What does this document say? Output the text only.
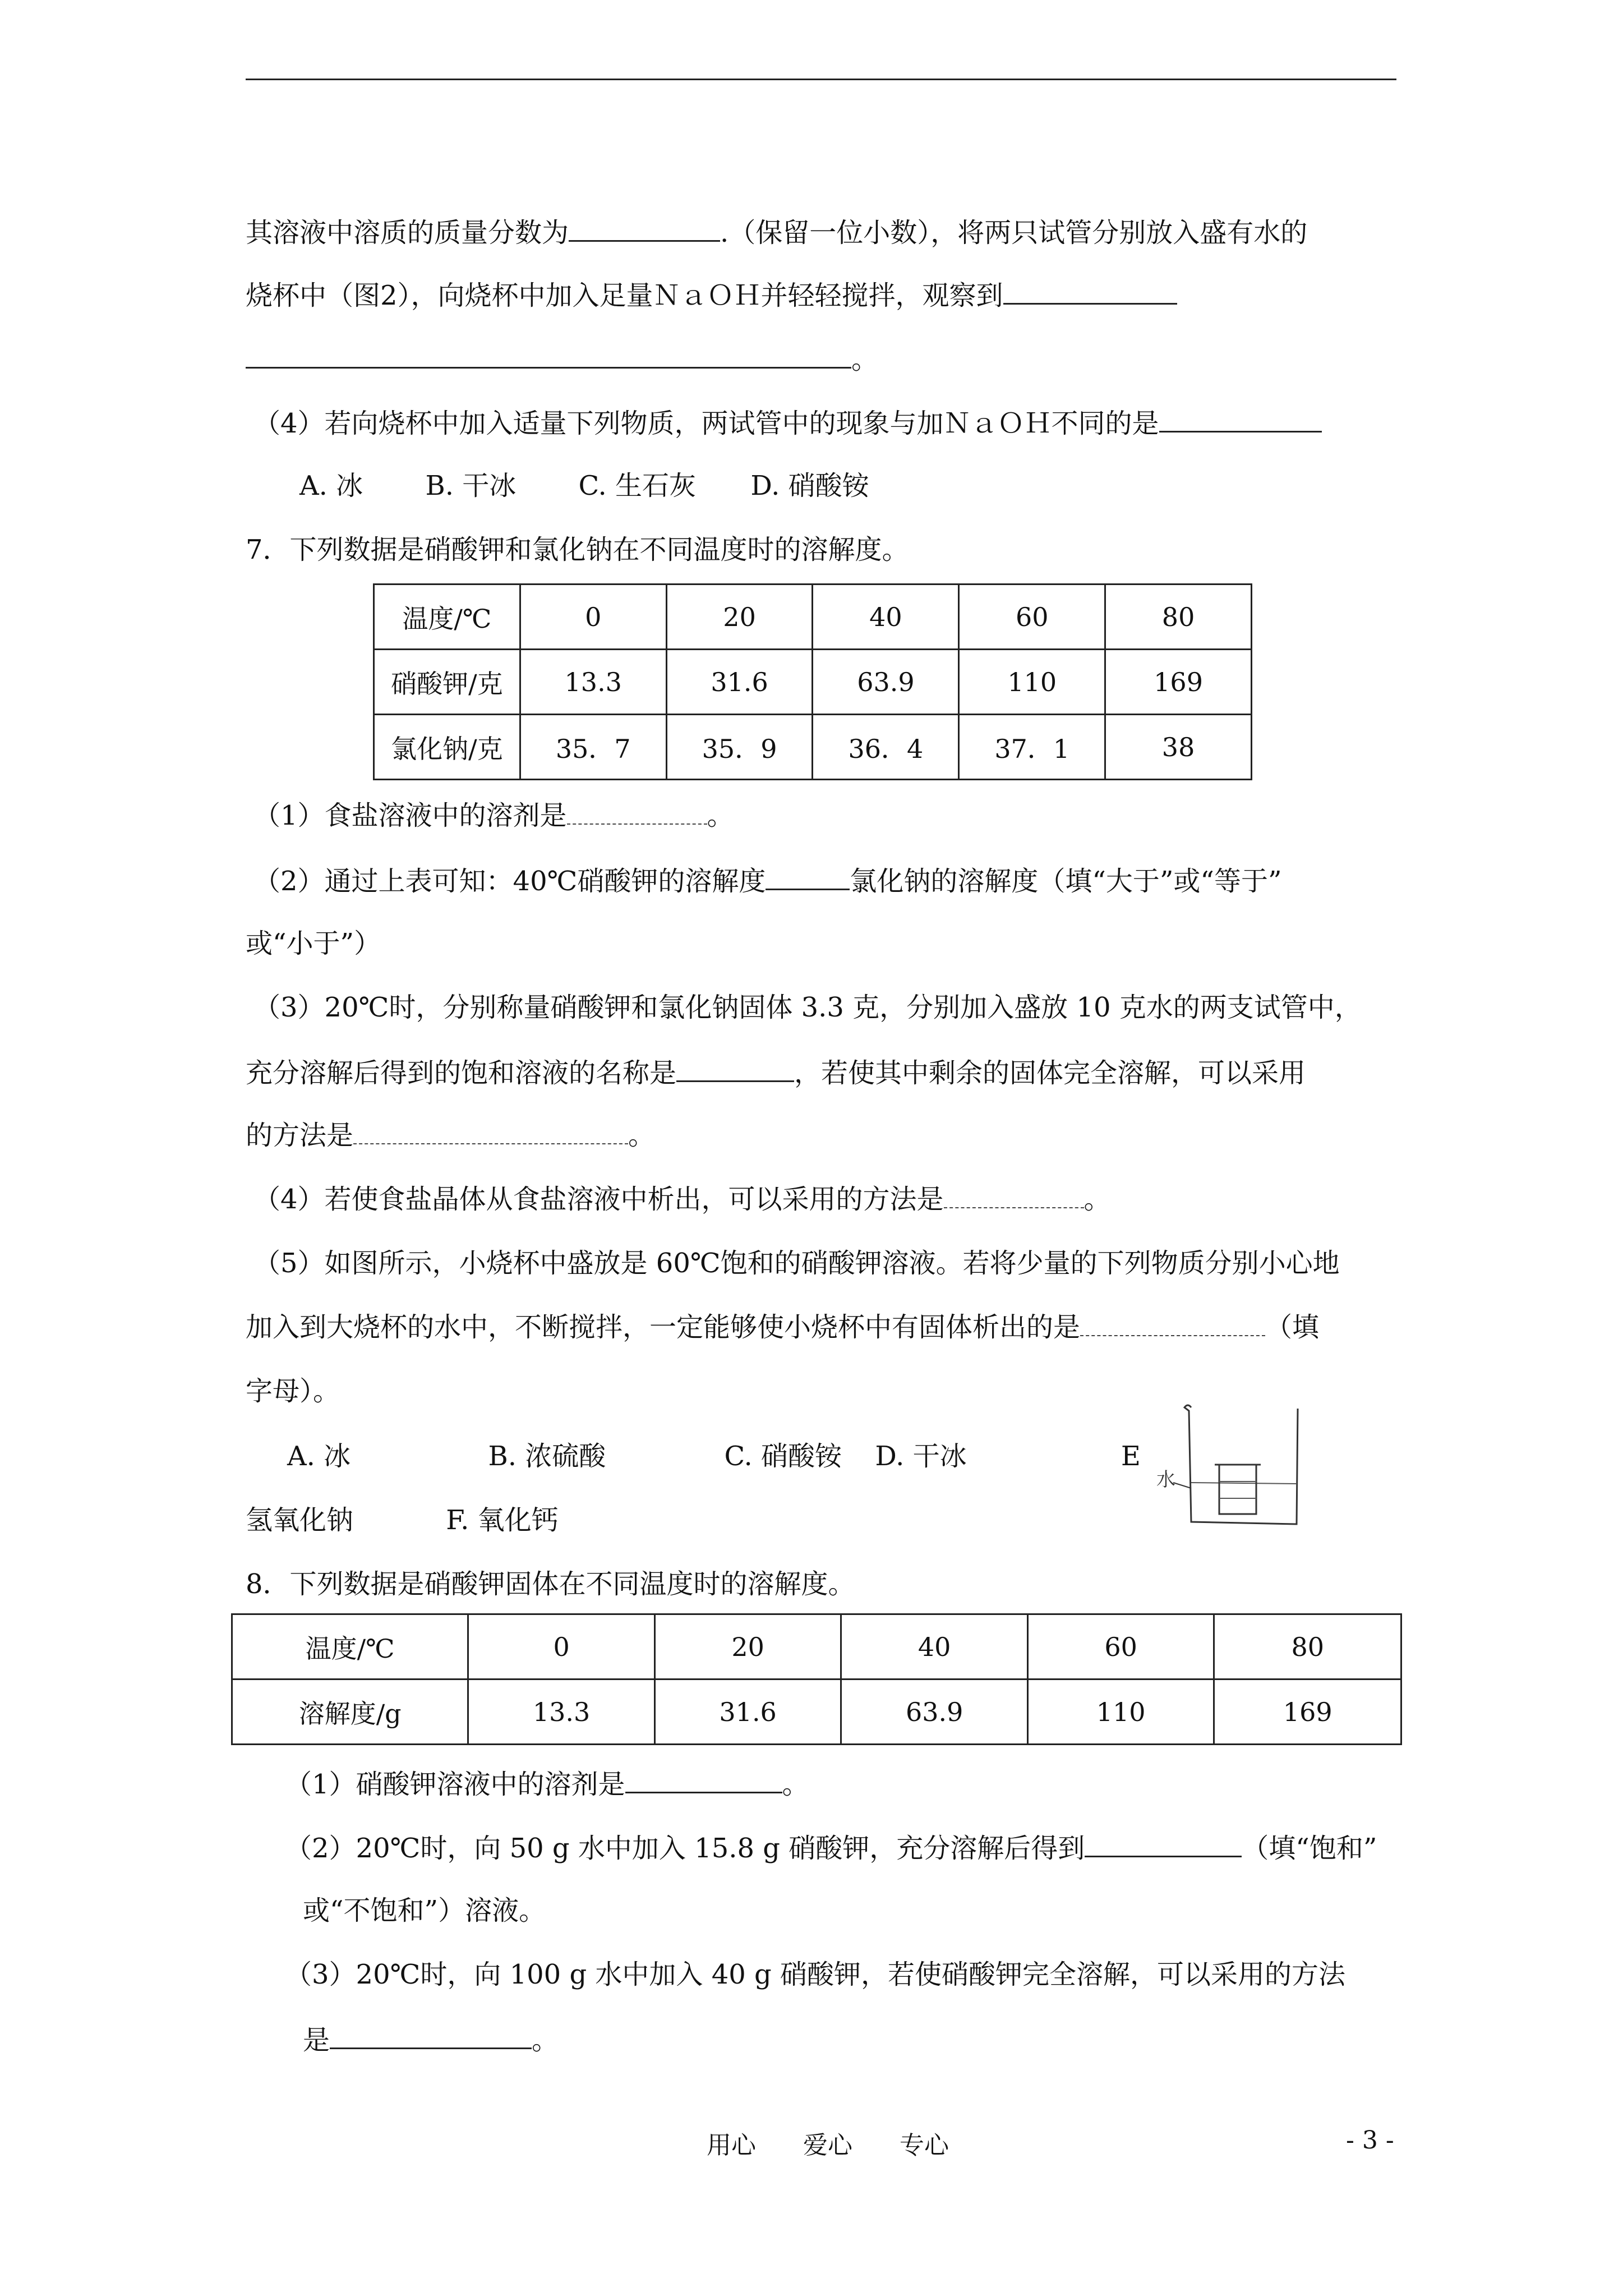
其溶液中溶质的质量分数为	.（保留一位小数），将两只试管分别放入盛有水的
烧杯中（图2），向烧杯中加入足量ＮａＯＨ并轻轻搅拌，观察到
。
（4）若向烧杯中加入适量下列物质，两试管中的现象与加ＮａＯＨ不同的是
A. 冰 B. 干冰 C. 生石灰 D. 硝酸铵
7．下列数据是硝酸钾和氯化钠在不同温度时的溶解度。
温度/℃	0	20	40	60	80
硝酸钾/克	13.3	31.6	63.9	110	169
氯化钠/克	35．7	35．9	36．4	37．1	38
（1）食盐溶液中的溶剂是	。
（2）通过上表可知：40℃硝酸钾的溶解度	氯化钠的溶解度（填“大于”或“等于”
或“小于”）
（3）20℃时，分别称量硝酸钾和氯化钠固体 3.3 克，分别加入盛放 10 克水的两支试管中，
充分溶解后得到的饱和溶液的名称是	，若使其中剩余的固体完全溶解，可以采用
的方法是	。
（4）若使食盐晶体从食盐溶液中析出，可以采用的方法是	。
（5）如图所示，小烧杯中盛放是 60℃饱和的硝酸钾溶液。若将少量的下列物质分别小心地
加入到大烧杯的水中，不断搅拌，一定能够使小烧杯中有固体析出的是	（填
字母）。
A. 冰	B. 浓硫酸	C. 硝酸铵 D. 干冰	E
氢氧化钠	F. 氧化钙
水
8．下列数据是硝酸钾固体在不同温度时的溶解度。
温度/℃	0	20	40	60	80
溶解度/g	13.3	31.6	63.9	110	169
（1）硝酸钾溶液中的溶剂是	。
（2）20℃时，向 50 g 水中加入 15.8 g 硝酸钾，充分溶解后得到	（填“饱和”
或“不饱和”）溶液。
（3）20℃时，向 100 g 水中加入 40 g 硝酸钾，若使硝酸钾完全溶解，可以采用的方法
是	。
用心 爱心 专心	- 3 -
